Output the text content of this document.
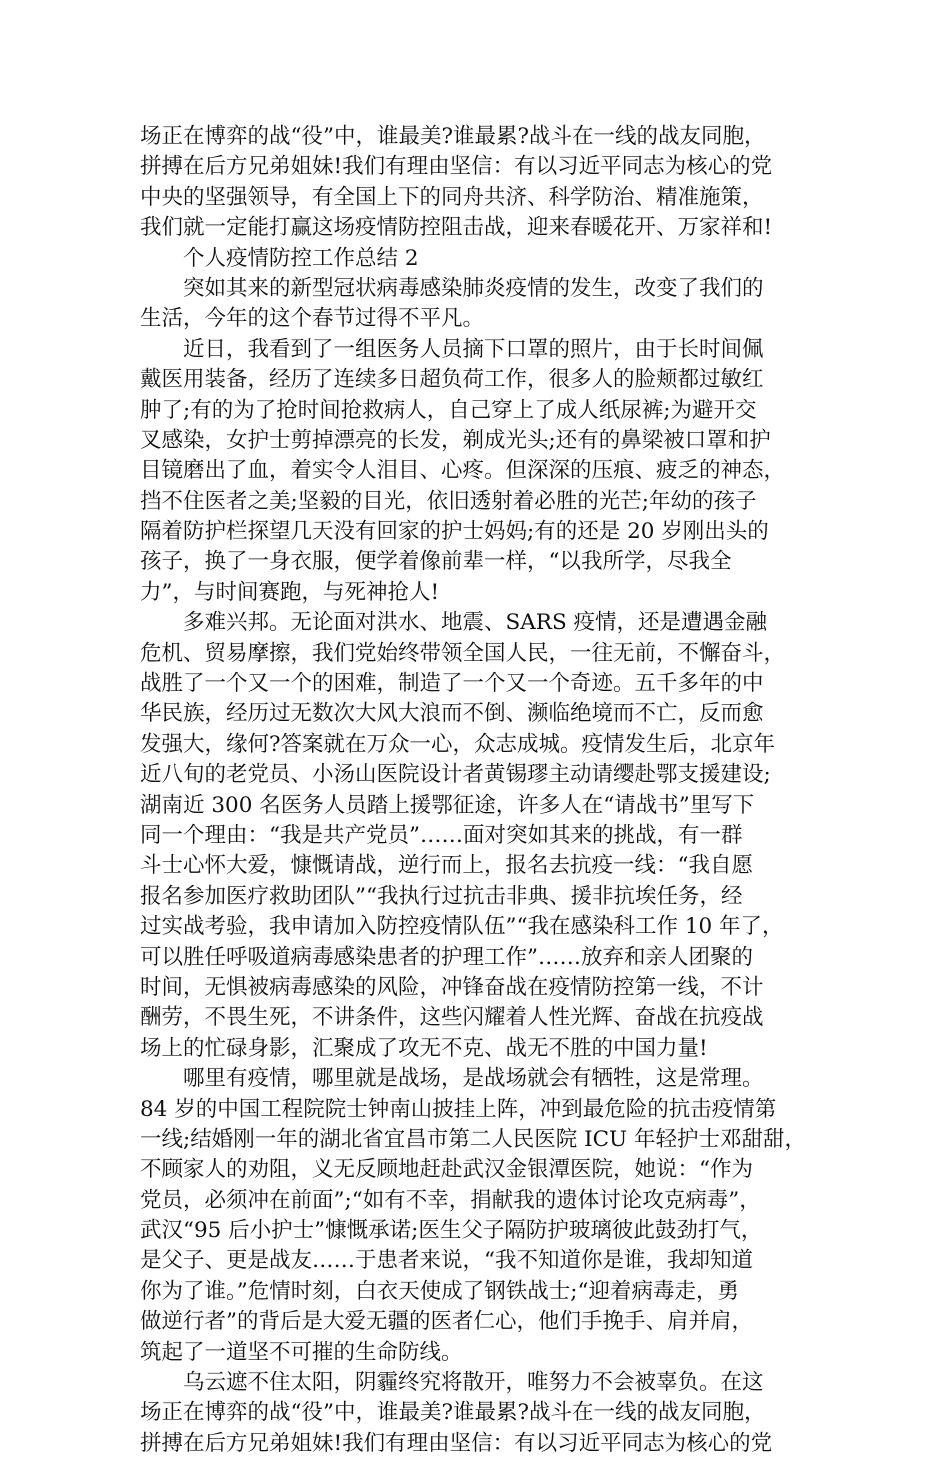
场正在博弈的战“役”中，谁最美?谁最累?战斗在一线的战友同胞，
拼搏在后方兄弟姐妹!我们有理由坚信：有以习近平同志为核心的党
中央的坚强领导，有全国上下的同舟共济、科学防治、精准施策，
我们就一定能打赢这场疫情防控阻击战，迎来春暖花开、万家祥和!
个人疫情防控工作总结 2
突如其来的新型冠状病毒感染肺炎疫情的发生，改变了我们的
生活，今年的这个春节过得不平凡。
近日，我看到了一组医务人员摘下口罩的照片，由于长时间佩
戴医用装备，经历了连续多日超负荷工作，很多人的脸颊都过敏红
肿了;有的为了抢时间抢救病人，自己穿上了成人纸尿裤;为避开交
叉感染，女护士剪掉漂亮的长发，剃成光头;还有的鼻梁被口罩和护
目镜磨出了血，着实令人泪目、心疼。但深深的压痕、疲乏的神态，
挡不住医者之美;坚毅的目光，依旧透射着必胜的光芒;年幼的孩子
隔着防护栏探望几天没有回家的护士妈妈;有的还是 20 岁刚出头的
孩子，换了一身衣服，便学着像前辈一样，“以我所学，尽我全
力”，与时间赛跑，与死神抢人!
多难兴邦。无论面对洪水、地震、SARS 疫情，还是遭遇金融
危机、贸易摩擦，我们党始终带领全国人民，一往无前，不懈奋斗，
战胜了一个又一个的困难，制造了一个又一个奇迹。五千多年的中
华民族，经历过无数次大风大浪而不倒、濒临绝境而不亡，反而愈
发强大，缘何?答案就在万众一心，众志成城。疫情发生后，北京年
近八旬的老党员、小汤山医院设计者黄锡璆主动请缨赴鄂支援建设;
湖南近 300 名医务人员踏上援鄂征途，许多人在“请战书”里写下
同一个理由：“我是共产党员”……面对突如其来的挑战，有一群
斗士心怀大爱，慷慨请战，逆行而上，报名去抗疫一线：“我自愿
报名参加医疗救助团队”“我执行过抗击非典、援非抗埃任务，经
过实战考验，我申请加入防控疫情队伍”“我在感染科工作 10 年了，
可以胜任呼吸道病毒感染患者的护理工作”……放弃和亲人团聚的
时间，无惧被病毒感染的风险，冲锋奋战在疫情防控第一线，不计
酬劳，不畏生死，不讲条件，这些闪耀着人性光辉、奋战在抗疫战
场上的忙碌身影，汇聚成了攻无不克、战无不胜的中国力量!
哪里有疫情，哪里就是战场，是战场就会有牺牲，这是常理。
84 岁的中国工程院院士钟南山披挂上阵，冲到最危险的抗击疫情第
一线;结婚刚一年的湖北省宜昌市第二人民医院 ICU 年轻护士邓甜甜，
不顾家人的劝阻，义无反顾地赶赴武汉金银潭医院，她说：“作为
党员，必须冲在前面”;“如有不幸，捐献我的遗体讨论攻克病毒”，
武汉“95 后小护士”慷慨承诺;医生父子隔防护玻璃彼此鼓劲打气，
是父子、更是战友……于患者来说，“我不知道你是谁，我却知道
你为了谁。”危情时刻，白衣天使成了钢铁战士;“迎着病毒走，勇
做逆行者”的背后是大爱无疆的医者仁心，他们手挽手、肩并肩，
筑起了一道坚不可摧的生命防线。
乌云遮不住太阳，阴霾终究将散开，唯努力不会被辜负。在这
场正在博弈的战“役”中，谁最美?谁最累?战斗在一线的战友同胞，
拼搏在后方兄弟姐妹!我们有理由坚信：有以习近平同志为核心的党
